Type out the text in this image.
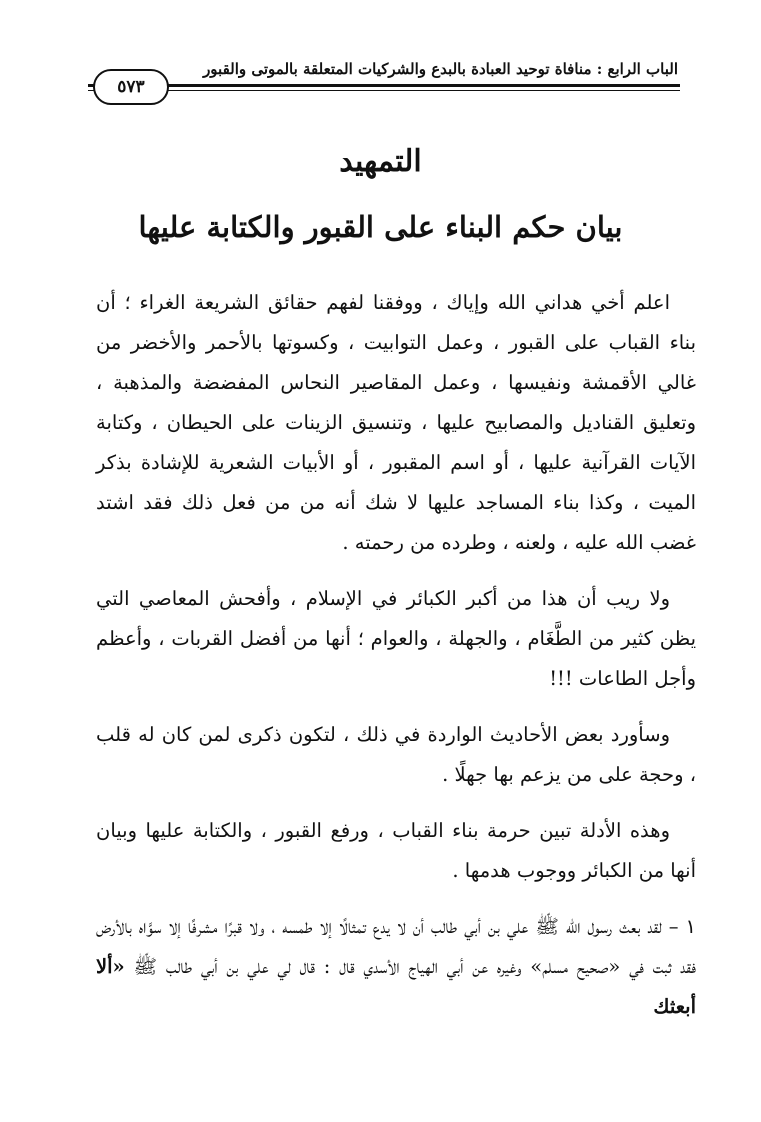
الباب الرابع : منافاة توحيد العبادة بالبدع والشركيات المتعلقة بالموتى والقبور
٥٧٣
التمهيد
بيان حكم البناء على القبور والكتابة عليها

اعلم أخي هداني الله وإياك ، ووفقنا لفهم حقائق الشريعة الغراء ؛ أن بناء القباب على القبور ، وعمل التوابيت ، وكسوتها بالأحمر والأخضر من غالي الأقمشة ونفيسها ، وعمل المقاصير النحاس المفضضة والمذهبة ، وتعليق القناديل والمصابيح عليها ، وتنسيق الزينات على الحيطان ، وكتابة الآيات القرآنية عليها ، أو اسم المقبور ، أو الأبيات الشعرية للإشادة بذكر الميت ، وكذا بناء المساجد عليها لا شك أنه من من فعل ذلك فقد اشتد غضب الله عليه ، ولعنه ، وطرده من رحمته .

ولا ريب أن هذا من أكبر الكبائر في الإسلام ، وأفحش المعاصي التي يظن كثير من الطَّغَام ، والجهلة ، والعوام ؛ أنها من أفضل القربات ، وأعظم وأجل الطاعات !!!

وسأورد بعض الأحاديث الواردة في ذلك ، لتكون ذكرى لمن كان له قلب ، وحجة على من يزعم بها جهلًا .

وهذه الأدلة تبين حرمة بناء القباب ، ورفع القبور ، والكتابة عليها وبيان أنها من الكبائر ووجوب هدمها .

١ – لقد بعث رسول الله ﷺ علي بن أبي طالب أن لا يدع تمثالًا إلا طمسه ، ولا قبرًا مشرفًا إلا سوَّاه بالأرض فقد ثبت في «صحيح مسلم» وغيره عن أبي الهياج الأسدي قال : قال لي علي بن أبي طالب ﷺ «ألا أبعثك
